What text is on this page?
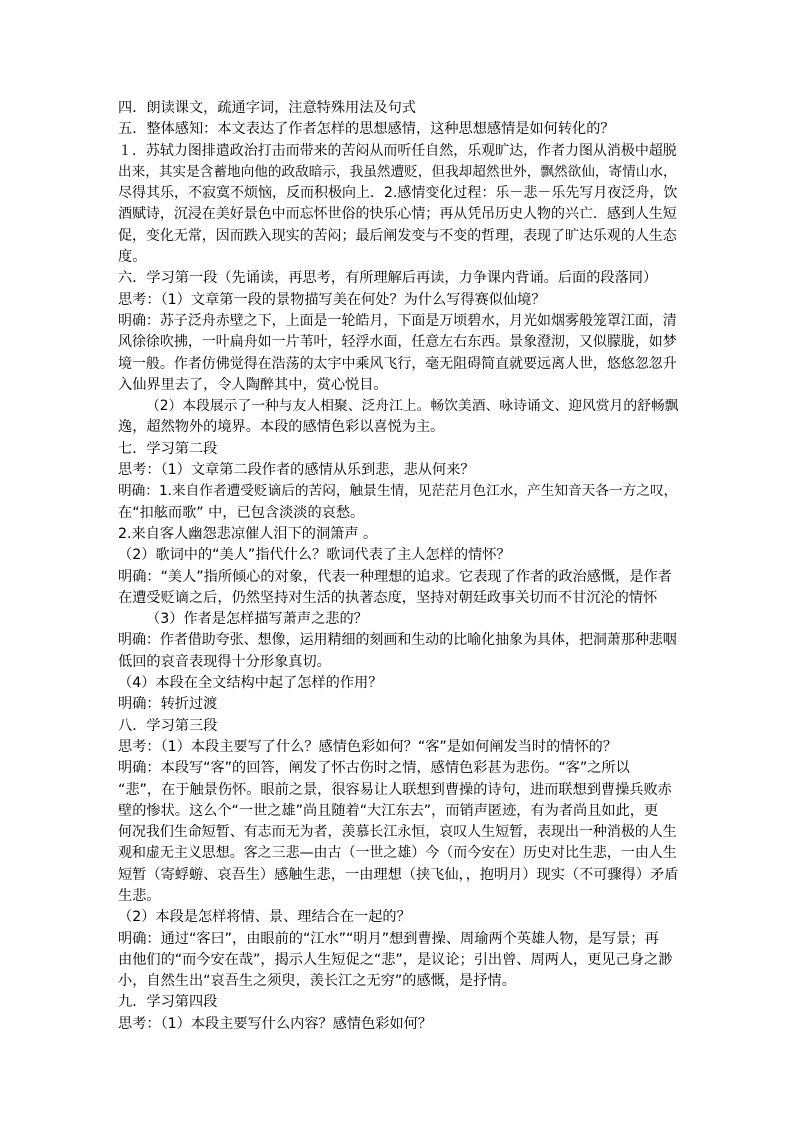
四．朗读课文，疏通字词，注意特殊用法及句式
五．整体感知：本文表达了作者怎样的思想感情，这种思想感情是如何转化的？
１．苏轼力图排遣政治打击而带来的苦闷从而听任自然，乐观旷达，作者力图从消极中超脱
出来，其实是含蓄地向他的政敌暗示，我虽然遭贬，但我却超然世外，飘然欲仙，寄情山水，
尽得其乐，不寂寞不烦恼，反而积极向上．2.感情变化过程：乐－悲－乐先写月夜泛舟，饮
酒赋诗，沉浸在美好景色中而忘怀世俗的快乐心情；再从凭吊历史人物的兴亡．感到人生短
促，变化无常，因而跌入现实的苦闷；最后阐发变与不变的哲理，表现了旷达乐观的人生态
度。
六．学习第一段（先诵读，再思考，有所理解后再读，力争课内背诵。后面的段落同）
思考：（1）文章第一段的景物描写美在何处？为什么写得赛似仙境？
明确：苏子泛舟赤壁之下，上面是一轮皓月，下面是万顷碧水，月光如烟雾般笼罩江面，清
风徐徐吹拂，一叶扁舟如一片苇叶，轻浮水面，任意左右东西。景象澄沏，又似朦胧，如梦
境一般。作者仿佛觉得在浩荡的太宇中乘风飞行，毫无阻碍简直就要远离人世，悠悠忽忽升
入仙界里去了，令人陶醉其中，赏心悦目。
（2）本段展示了一种与友人相聚、泛舟江上。畅饮美酒、咏诗诵文、迎风赏月的舒畅飘
逸，超然物外的境界。本段的感情色彩以喜悦为主。
七．学习第二段
思考：（1）文章第二段作者的感情从乐到悲，悲从何来？
明确：1.来自作者遭受贬谪后的苦闷，触景生情，见茫茫月色江水，产生知音天各一方之叹，
在“扣舷而歌” 中，已包含淡淡的哀愁。
2.来自客人幽怨悲凉催人泪下的洞箫声 。
（2）歌词中的“美人”指代什么？歌词代表了主人怎样的情怀？
明确：“美人”指所倾心的对象，代表一种理想的追求。它表现了作者的政治感慨，是作者
在遭受贬谪之后，仍然坚持对生活的执著态度，坚持对朝廷政事关切而不甘沉沦的情怀
（3）作者是怎样描写萧声之悲的？
明确：作者借助夸张、想像，运用精细的刻画和生动的比喻化抽象为具体，把洞萧那种悲咽
低回的哀音表现得十分形象真切。
（4）本段在全文结构中起了怎样的作用？
明确：转折过渡
八．学习第三段
思考：（1）本段主要写了什么？感情色彩如何？“客”是如何阐发当时的情怀的？
明确：本段写“客”的回答，阐发了怀古伤时之情，感情色彩甚为悲伤。“客”之所以
“悲”，在于触景伤怀。眼前之景，很容易让人联想到曹操的诗句，进而联想到曹操兵败赤
壁的惨状。这么个“一世之雄”尚且随着“大江东去”，而销声匿迹，有为者尚且如此，更
何况我们生命短暂、有志而无为者，羡慕长江永恒，哀叹人生短暂，表现出一种消极的人生
观和虚无主义思想。客之三悲—由古（一世之雄）今（而今安在）历史对比生悲，一由人生
短暂（寄蜉蝣、哀吾生）感触生悲，一由理想（挟飞仙，，抱明月）现实（不可骤得）矛盾
生悲。
（2）本段是怎样将情、景、理结合在一起的？
明确：通过“客曰”，由眼前的“江水”“明月”想到曹操、周瑜两个英雄人物，是写景；再
由他们的“而今安在哉”，揭示人生短促之“悲”，是议论；引出曾、周两人，更见己身之渺
小，自然生出“哀吾生之须臾，羡长江之无穷”的感慨，是抒情。
九．学习第四段
思考：（1）本段主要写什么内容？感情色彩如何？
